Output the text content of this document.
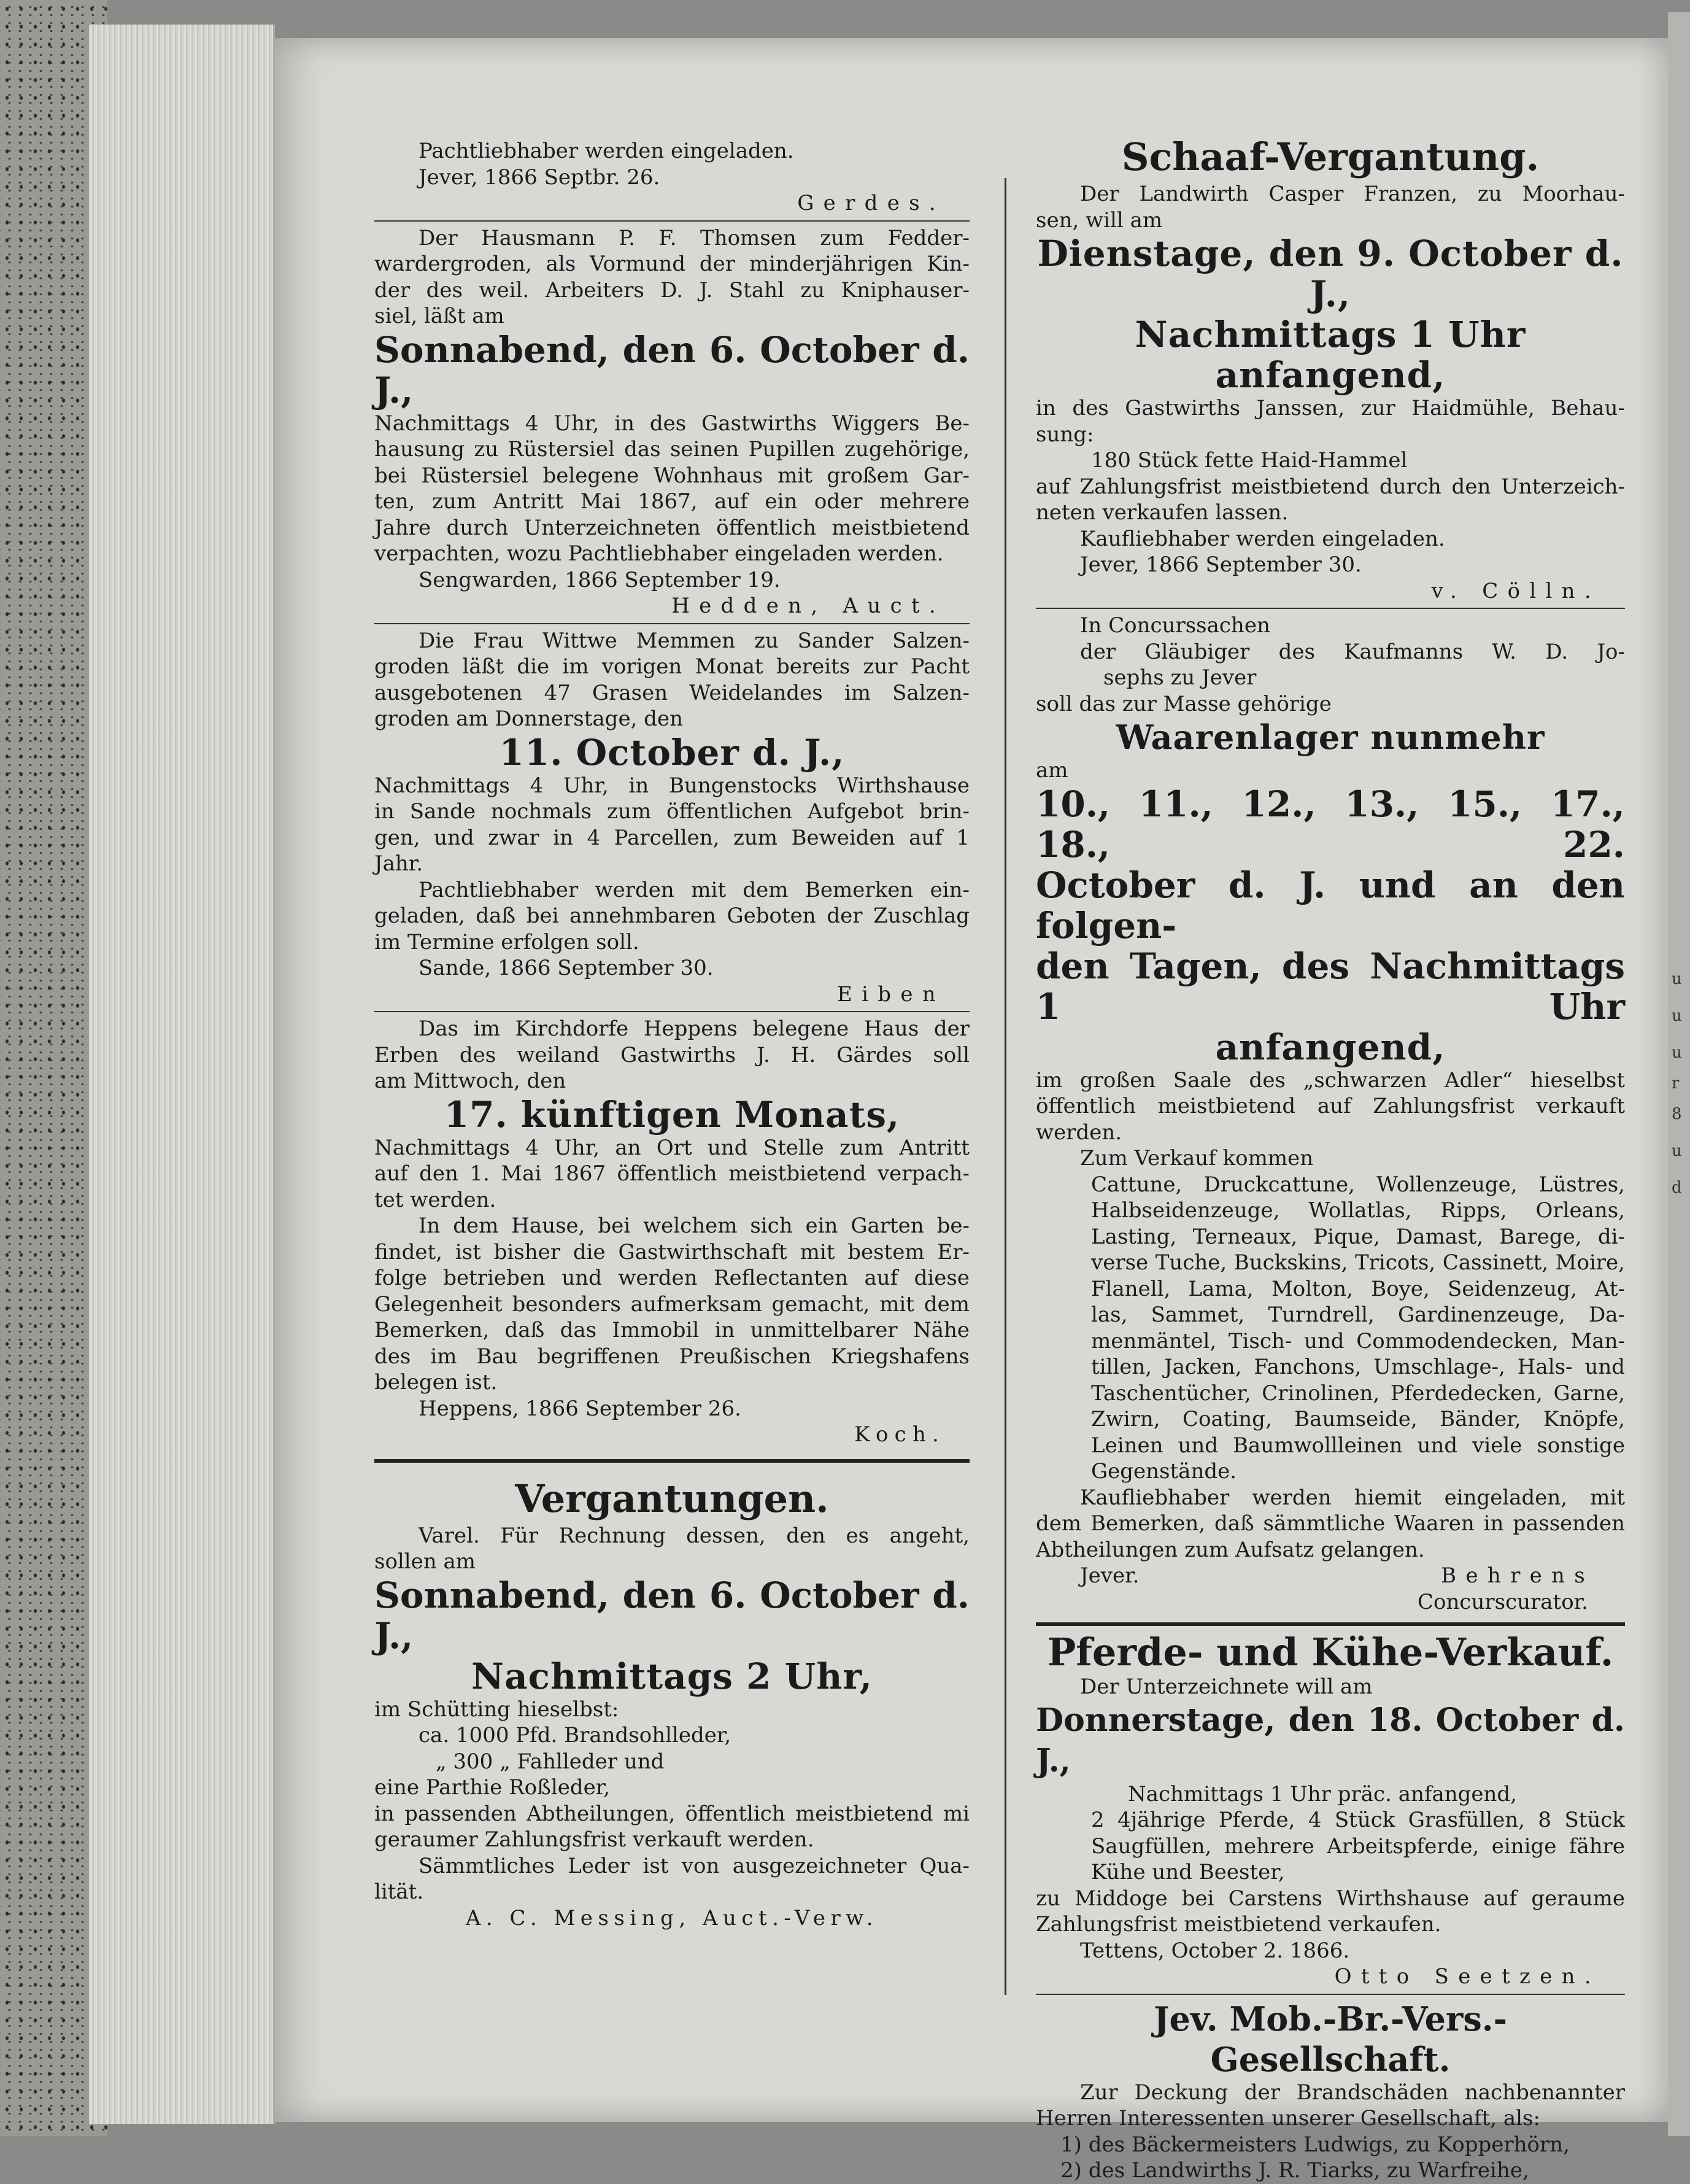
u
u
u
r
8
u
d

Pachtliebhaber werden eingeladen.

Jever, 1866 Septbr. 26.

Gerdes.

Der Hausmann P. F. Thomsen zum Fedder-

wardergroden, als Vormund der minderjährigen Kin-

der des weil. Arbeiters D. J. Stahl zu Kniphauser-

siel, läßt am

Sonnabend, den 6. October d. J.,

Nachmittags 4 Uhr, in des Gastwirths Wiggers Be-

hausung zu Rüstersiel das seinen Pupillen zugehörige,

bei Rüstersiel belegene Wohnhaus mit großem Gar-

ten, zum Antritt Mai 1867, auf ein oder mehrere

Jahre durch Unterzeichneten öffentlich meistbietend

verpachten, wozu Pachtliebhaber eingeladen werden.

Sengwarden, 1866 September 19.

Hedden, Auct.

Die Frau Wittwe Memmen zu Sander Salzen-

groden läßt die im vorigen Monat bereits zur Pacht

ausgebotenen 47 Grasen Weidelandes im Salzen-

groden am Donnerstage, den

11. October d. J.,

Nachmittags 4 Uhr, in Bungenstocks Wirthshause

in Sande nochmals zum öffentlichen Aufgebot brin-

gen, und zwar in 4 Parcellen, zum Beweiden auf 1

Jahr.

Pachtliebhaber werden mit dem Bemerken ein-

geladen, daß bei annehmbaren Geboten der Zuschlag

im Termine erfolgen soll.

Sande, 1866 September 30.

Eiben

Das im Kirchdorfe Heppens belegene Haus der

Erben des weiland Gastwirths J. H. Gärdes soll

am Mittwoch, den

17. künftigen Monats,

Nachmittags 4 Uhr, an Ort und Stelle zum Antritt

auf den 1. Mai 1867 öffentlich meistbietend verpach-

tet werden.

In dem Hause, bei welchem sich ein Garten be-

findet, ist bisher die Gastwirthschaft mit bestem Er-

folge betrieben und werden Reflectanten auf diese

Gelegenheit besonders aufmerksam gemacht, mit dem

Bemerken, daß das Immobil in unmittelbarer Nähe

des im Bau begriffenen Preußischen Kriegshafens

belegen ist.

Heppens, 1866 September 26.

Koch.

Vergantungen.

Varel. Für Rechnung dessen, den es angeht,

sollen am

Sonnabend, den 6. October d. J.,

Nachmittags 2 Uhr,

im Schütting hieselbst:

ca. 1000 Pfd. Brandsohlleder,

„ 300 „ Fahlleder und

eine Parthie Roßleder,

in passenden Abtheilungen, öffentlich meistbietend mi

geraumer Zahlungsfrist verkauft werden.

Sämmtliches Leder ist von ausgezeichneter Qua-

lität.

A. C. Messing, Auct.-Verw.

Schaaf-Vergantung.

Der Landwirth Casper Franzen, zu Moorhau-

sen, will am

Dienstage, den 9. October d. J.,

Nachmittags 1 Uhr anfangend,

in des Gastwirths Janssen, zur Haidmühle, Behau-

sung:

180 Stück fette Haid-Hammel

auf Zahlungsfrist meistbietend durch den Unterzeich-

neten verkaufen lassen.

Kaufliebhaber werden eingeladen.

Jever, 1866 September 30.

v. Cölln.

In Concurssachen

der Gläubiger des Kaufmanns W. D. Jo-

sephs zu Jever

soll das zur Masse gehörige

Waarenlager nunmehr

am

10., 11., 12., 13., 15., 17., 18., 22.

October d. J. und an den folgen-

den Tagen, des Nachmittags 1 Uhr

anfangend,

im großen Saale des „schwarzen Adler“ hieselbst

öffentlich meistbietend auf Zahlungsfrist verkauft

werden.

Zum Verkauf kommen

Cattune, Druckcattune, Wollenzeuge, Lüstres,

Halbseidenzeuge, Wollatlas, Ripps, Orleans,

Lasting, Terneaux, Pique, Damast, Barege, di-

verse Tuche, Buckskins, Tricots, Cassinett, Moire,

Flanell, Lama, Molton, Boye, Seidenzeug, At-

las, Sammet, Turndrell, Gardinenzeuge, Da-

menmäntel, Tisch- und Commodendecken, Man-

tillen, Jacken, Fanchons, Umschlage-, Hals- und

Taschentücher, Crinolinen, Pferdedecken, Garne,

Zwirn, Coating, Baumseide, Bänder, Knöpfe,

Leinen und Baumwollleinen und viele sonstige

Gegenstände.

Kaufliebhaber werden hiemit eingeladen, mit

dem Bemerken, daß sämmtliche Waaren in passenden

Abtheilungen zum Aufsatz gelangen.

Jever.	Behrens

Concurscurator.

Pferde- und Kühe-Verkauf.

Der Unterzeichnete will am

Donnerstage, den 18. October d. J.,

Nachmittags 1 Uhr präc. anfangend,

2 4jährige Pferde, 4 Stück Grasfüllen, 8 Stück

Saugfüllen, mehrere Arbeitspferde, einige fähre

Kühe und Beester,

zu Middoge bei Carstens Wirthshause auf geraume

Zahlungsfrist meistbietend verkaufen.

Tettens, October 2. 1866.

Otto Seetzen.

Jev. Mob.-Br.-Vers.-Gesellschaft.

Zur Deckung der Brandschäden nachbenannter

Herren Interessenten unserer Gesellschaft, als:

1) des Bäckermeisters Ludwigs, zu Kopperhörn,

2) des Landwirths J. R. Tiarks, zu Warfreihe,
